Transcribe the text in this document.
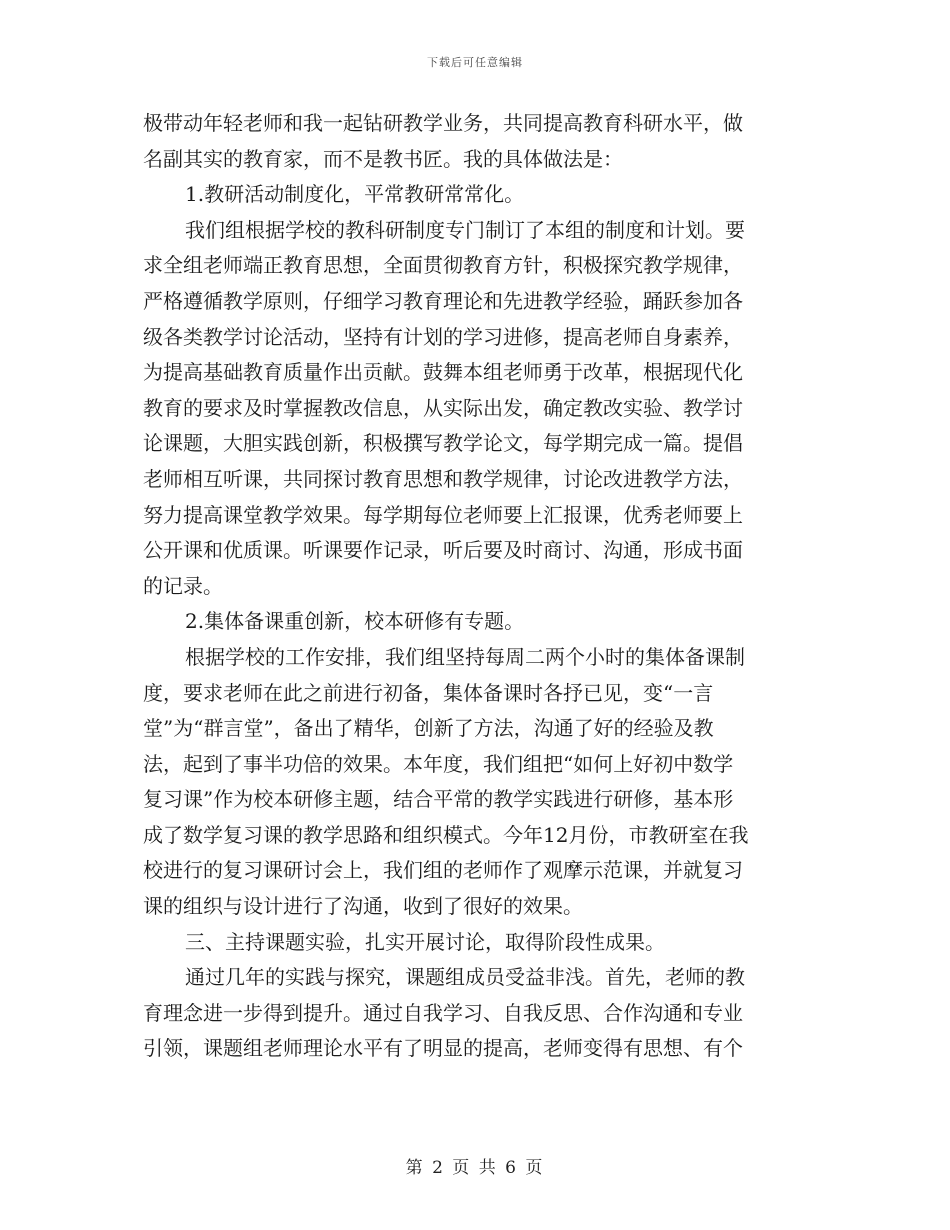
下载后可任意编辑
极带动年轻老师和我一起钻研教学业务，共同提高教育科研水平，做
名副其实的教育家，而不是教书匠。我的具体做法是：
1.教研活动制度化，平常教研常常化。
我们组根据学校的教科研制度专门制订了本组的制度和计划。要
求全组老师端正教育思想，全面贯彻教育方针，积极探究教学规律，
严格遵循教学原则，仔细学习教育理论和先进教学经验，踊跃参加各
级各类教学讨论活动，坚持有计划的学习进修，提高老师自身素养，
为提高基础教育质量作出贡献。鼓舞本组老师勇于改革，根据现代化
教育的要求及时掌握教改信息，从实际出发，确定教改实验、教学讨
论课题，大胆实践创新，积极撰写教学论文，每学期完成一篇。提倡
老师相互听课，共同探讨教育思想和教学规律，讨论改进教学方法，
努力提高课堂教学效果。每学期每位老师要上汇报课，优秀老师要上
公开课和优质课。听课要作记录，听后要及时商讨、沟通，形成书面
的记录。
2.集体备课重创新，校本研修有专题。
根据学校的工作安排，我们组坚持每周二两个小时的集体备课制
度，要求老师在此之前进行初备，集体备课时各抒已见，变“一言
堂”为“群言堂”，备出了精华，创新了方法，沟通了好的经验及教
法，起到了事半功倍的效果。本年度，我们组把“如何上好初中数学
复习课”作为校本研修主题，结合平常的教学实践进行研修，基本形
成了数学复习课的教学思路和组织模式。今年12月份，市教研室在我
校进行的复习课研讨会上，我们组的老师作了观摩示范课，并就复习
课的组织与设计进行了沟通，收到了很好的效果。
三、主持课题实验，扎实开展讨论，取得阶段性成果。
通过几年的实践与探究，课题组成员受益非浅。首先，老师的教
育理念进一步得到提升。通过自我学习、自我反思、合作沟通和专业
引领，课题组老师理论水平有了明显的提高，老师变得有思想、有个
第 2 页 共 6 页
